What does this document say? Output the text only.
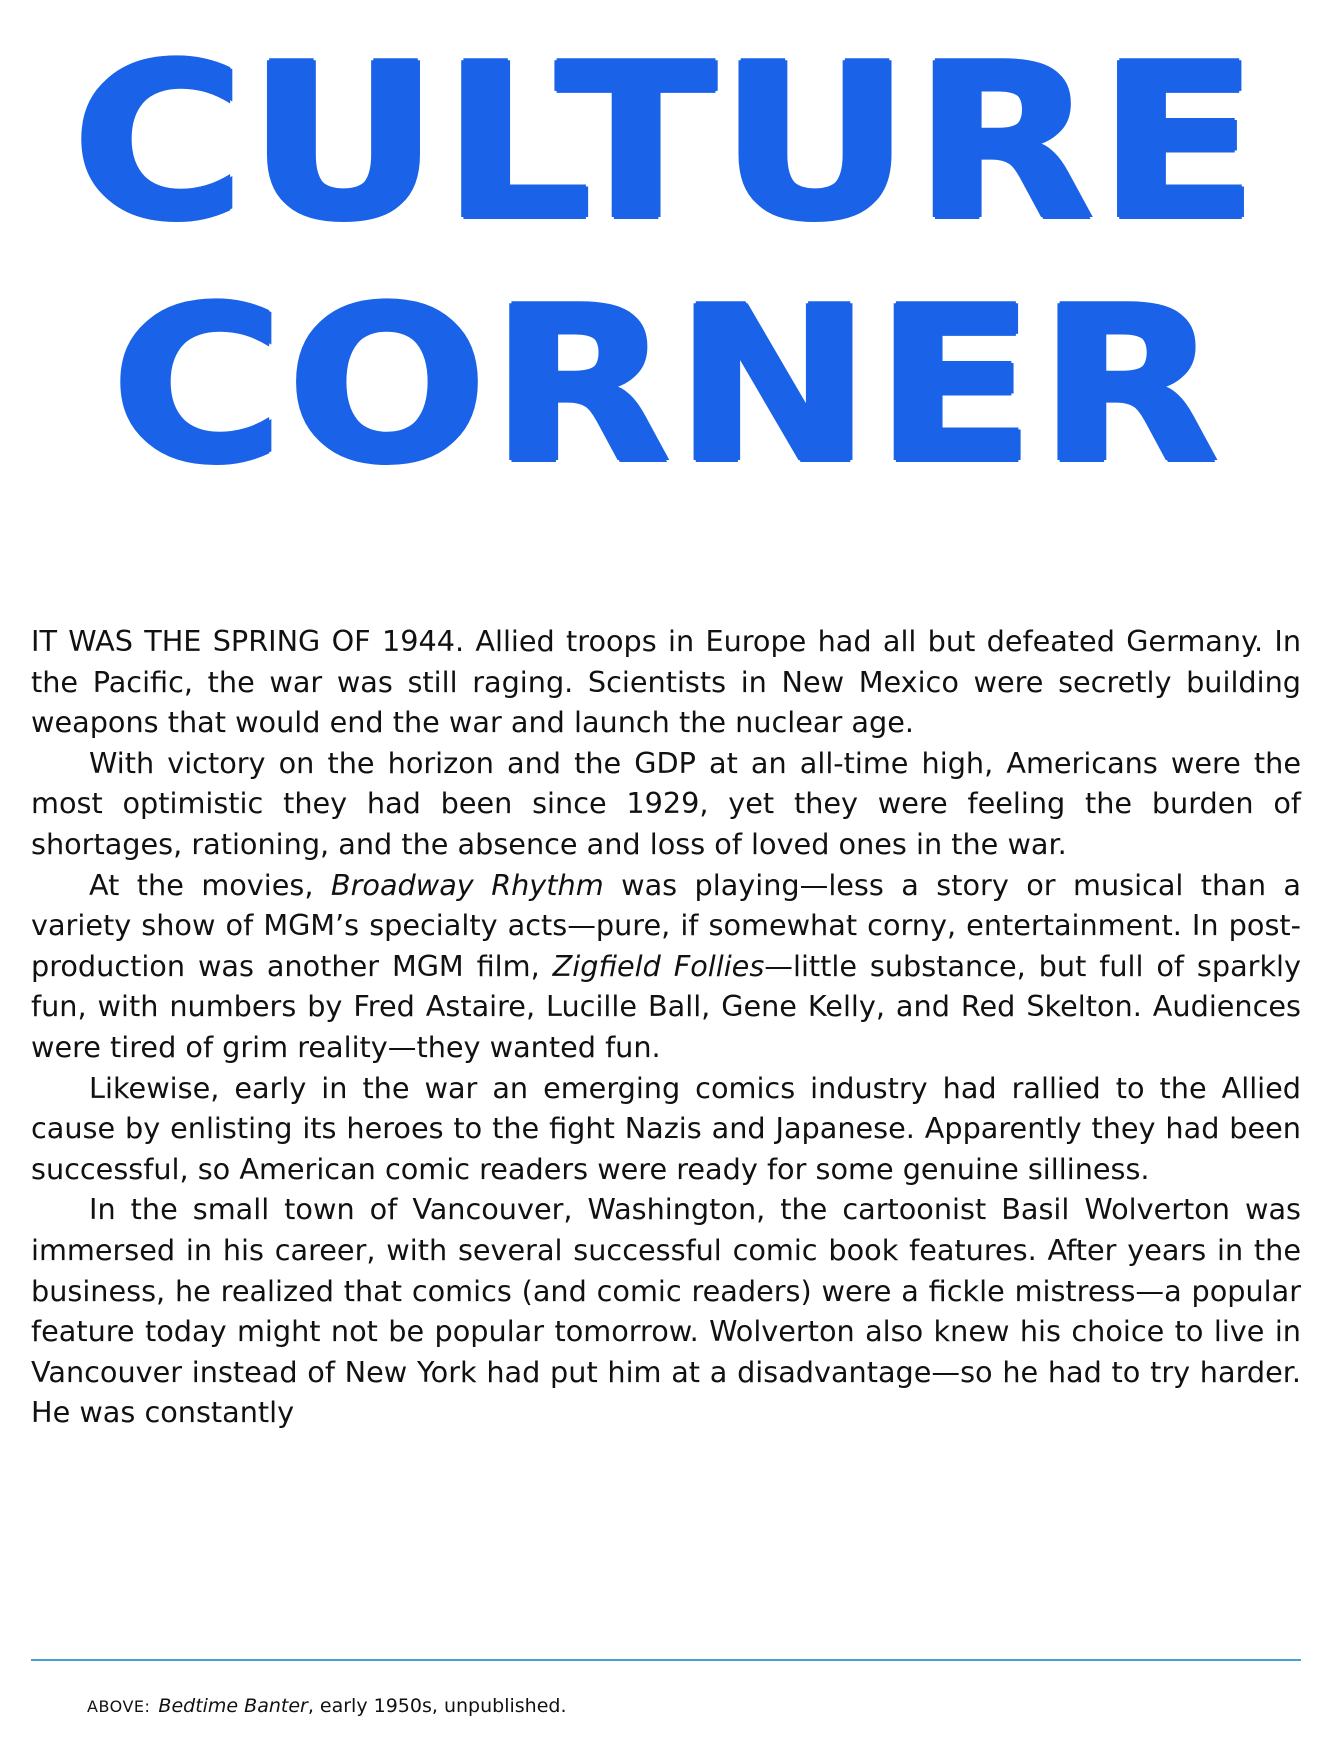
CULTURE
CORNER

IT WAS THE SPRING OF 1944. Allied troops in Europe had all but defeated Germany. In the Pacific, the war was still raging. Scientists in New Mexico were secretly building weapons that would end the war and launch the nuclear age.

With victory on the horizon and the GDP at an all-time high, Americans were the most optimistic they had been since 1929, yet they were feeling the burden of shortages, rationing, and the absence and loss of loved ones in the war.

At the movies, Broadway Rhythm was playing—less a story or musical than a variety show of MGM’s specialty acts—pure, if somewhat corny, entertainment. In post-production was another MGM film, Zigfield Follies—little substance, but full of sparkly fun, with numbers by Fred Astaire, Lucille Ball, Gene Kelly, and Red Skelton. Audiences were tired of grim reality—they wanted fun.

Likewise, early in the war an emerging comics industry had rallied to the Allied cause by enlisting its heroes to the fight Nazis and Japanese. Apparently they had been successful, so American comic readers were ready for some genuine silliness.

In the small town of Vancouver, Washington, the cartoonist Basil Wolverton was immersed in his career, with several successful comic book features. After years in the business, he realized that comics (and comic readers) were a fickle mistress—a popular feature today might not be popular tomorrow. Wolverton also knew his choice to live in Vancouver instead of New York had put him at a disadvantage—so he had to try harder. He was constantly

ABOVE: Bedtime Banter, early 1950s, unpublished.
